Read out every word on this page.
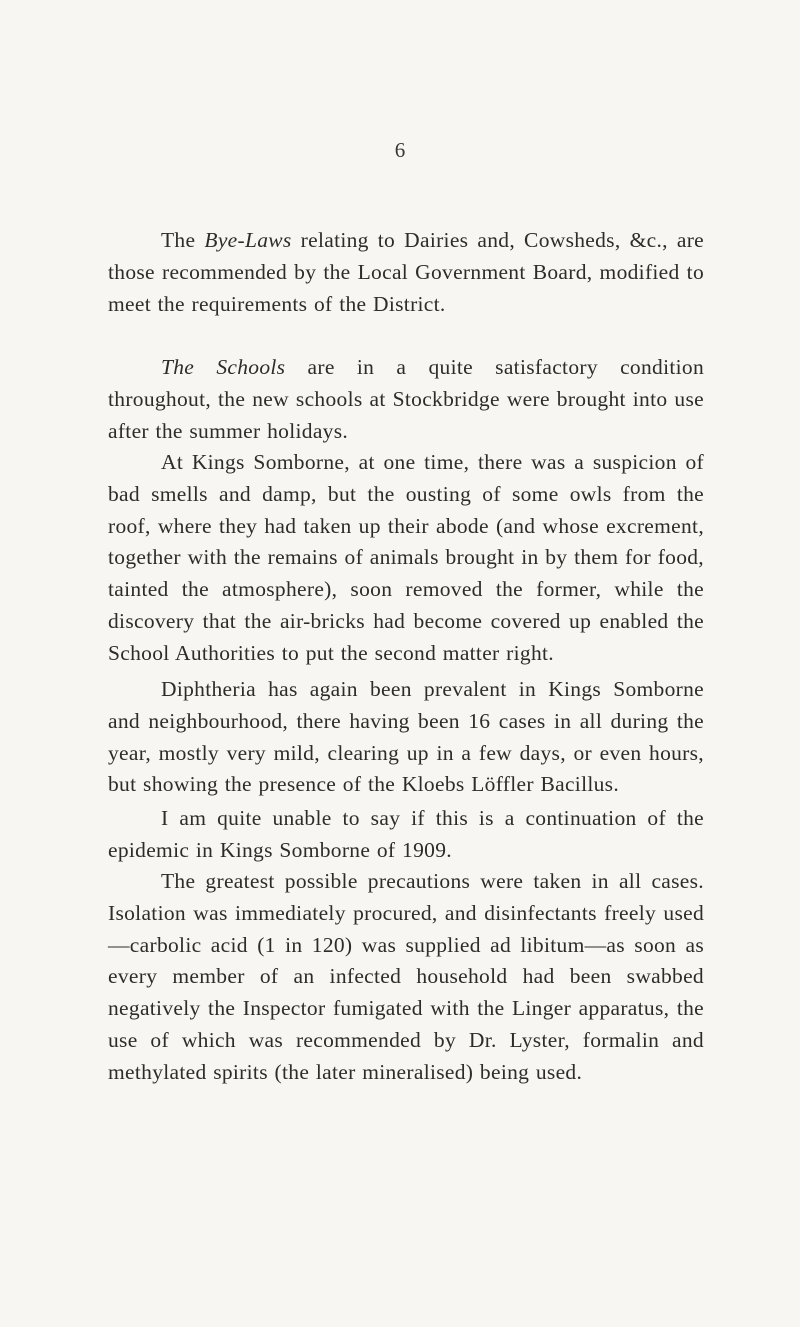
6

The Bye-Laws relating to Dairies and, Cowsheds, &c., are those recommended by the Local Government Board, modified to meet the requirements of the District.

The Schools are in a quite satisfactory condition throughout, the new schools at Stockbridge were brought into use after the summer holidays.

At Kings Somborne, at one time, there was a suspicion of bad smells and damp, but the ousting of some owls from the roof, where they had taken up their abode (and whose excrement, together with the remains of animals brought in by them for food, tainted the atmosphere), soon removed the former, while the discovery that the air-bricks had become covered up enabled the School Authorities to put the second matter right.

Diphtheria has again been prevalent in Kings Somborne and neighbourhood, there having been 16 cases in all during the year, mostly very mild, clearing up in a few days, or even hours, but showing the presence of the Kloebs Löffler Bacillus.

I am quite unable to say if this is a continuation of the epidemic in Kings Somborne of 1909.

The greatest possible precautions were taken in all cases. Isolation was immediately procured, and disinfectants freely used—carbolic acid (1 in 120) was supplied ad libitum—as soon as every member of an infected household had been swabbed negatively the Inspector fumigated with the Linger apparatus, the use of which was recommended by Dr. Lyster, formalin and methylated spirits (the later mineralised) being used.
